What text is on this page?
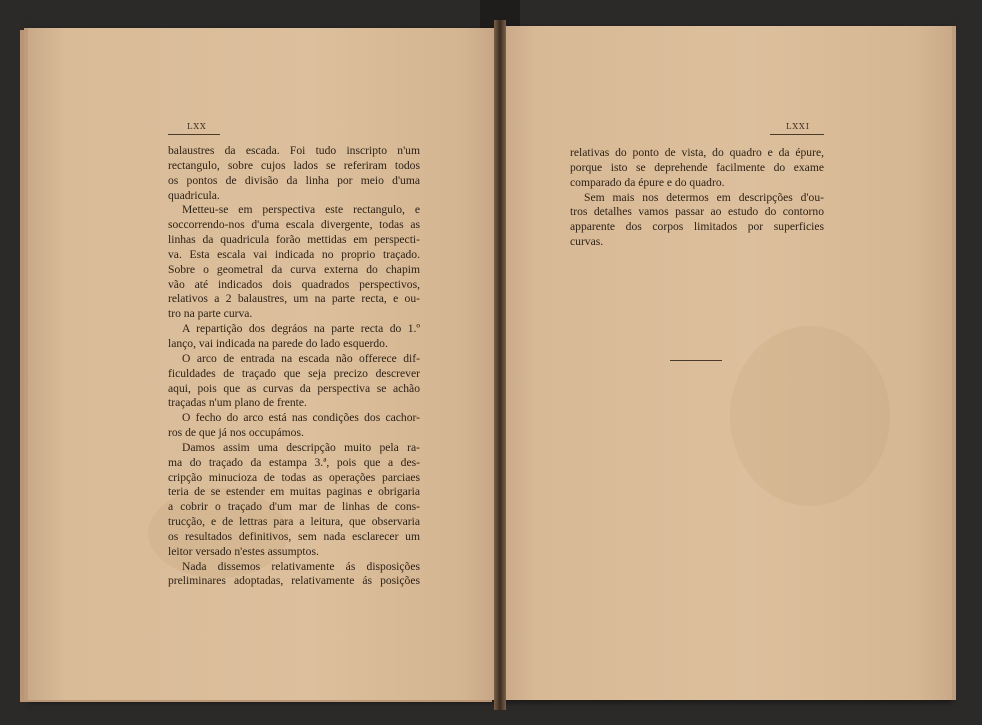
LXX	LXXI
balaustres da escada. Foi tudo inscripto n'um
rectangulo, sobre cujos lados se referiram todos
os pontos de divisão da linha por meio d'uma
quadricula.
Metteu-se em perspectiva este rectangulo, e
soccorrendo-nos d'uma escala divergente, todas as
linhas da quadricula forão mettidas em perspecti-
va. Esta escala vai indicada no proprio traçado.
Sobre o geometral da curva externa do chapim
vão até indicados dois quadrados perspectivos,
relativos a 2 balaustres, um na parte recta, e ou-
tro na parte curva.
A repartição dos degráos na parte recta do 1.º
lanço, vai indicada na parede do lado esquerdo.
O arco de entrada na escada não offerece dif-
ficuldades de traçado que seja precizo descrever
aqui, pois que as curvas da perspectiva se achão
traçadas n'um plano de frente.
O fecho do arco está nas condições dos cachor-
ros de que já nos occupámos.
Damos assim uma descripção muito pela ra-
ma do traçado da estampa 3.ª, pois que a des-
cripção minucioza de todas as operações parciaes
teria de se estender em muitas paginas e obrigaria
a cobrir o traçado d'um mar de linhas de cons-
trucção, e de lettras para a leitura, que observaria
os resultados definitivos, sem nada esclarecer um
leitor versado n'estes assumptos.
Nada dissemos relativamente ás disposições
preliminares adoptadas, relativamente ás posições
relativas do ponto de vista, do quadro e da épure,
porque isto se deprehende facilmente do exame
comparado da épure e do quadro.
Sem mais nos determos em descripções d'ou-
tros detalhes vamos passar ao estudo do contorno
apparente dos corpos limitados por superficies
curvas.
